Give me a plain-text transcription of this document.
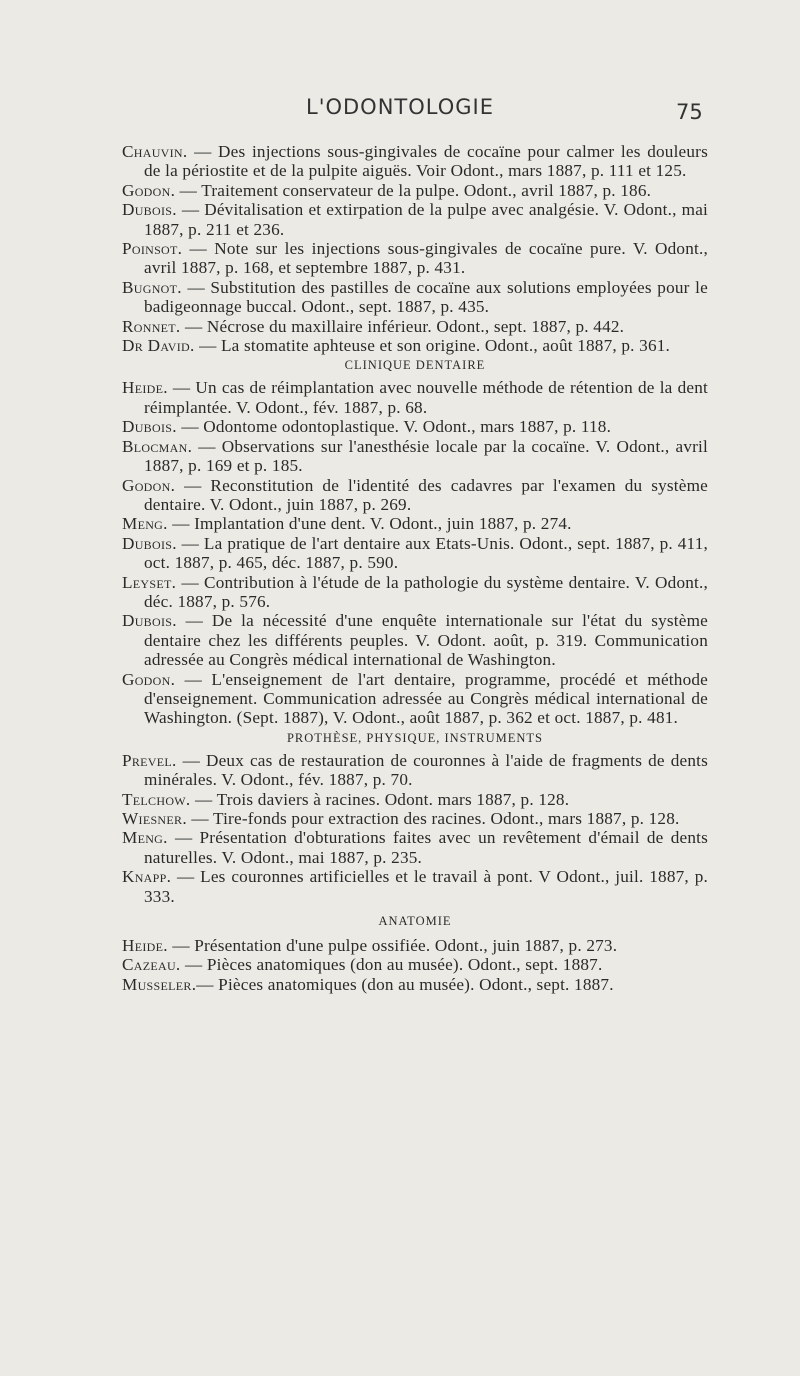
L'ODONTOLOGIE	75

Chauvin. — Des injections sous-gingivales de cocaïne pour calmer les douleurs de la périostite et de la pulpite aiguës. Voir Odont., mars 1887, p. 111 et 125.

Godon. — Traitement conservateur de la pulpe. Odont., avril 1887, p. 186.

Dubois. — Dévitalisation et extirpation de la pulpe avec analgésie. V. Odont., mai 1887, p. 211 et 236.

Poinsot. — Note sur les injections sous-gingivales de cocaïne pure. V. Odont., avril 1887, p. 168, et septembre 1887, p. 431.

Bugnot. — Substitution des pastilles de cocaïne aux solutions employées pour le badigeonnage buccal. Odont., sept. 1887, p. 435.

Ronnet. — Nécrose du maxillaire inférieur. Odont., sept. 1887, p. 442.

Dr David. — La stomatite aphteuse et son origine. Odont., août 1887, p. 361.

CLINIQUE DENTAIRE

Heide. — Un cas de réimplantation avec nouvelle méthode de rétention de la dent réimplantée. V. Odont., fév. 1887, p. 68.

Dubois. — Odontome odontoplastique. V. Odont., mars 1887, p. 118.

Blocman. — Observations sur l'anesthésie locale par la cocaïne. V. Odont., avril 1887, p. 169 et p. 185.

Godon. — Reconstitution de l'identité des cadavres par l'examen du système dentaire. V. Odont., juin 1887, p. 269.

Meng. — Implantation d'une dent. V. Odont., juin 1887, p. 274.

Dubois. — La pratique de l'art dentaire aux Etats-Unis. Odont., sept. 1887, p. 411, oct. 1887, p. 465, déc. 1887, p. 590.

Leyset. — Contribution à l'étude de la pathologie du système dentaire. V. Odont., déc. 1887, p. 576.

Dubois. — De la nécessité d'une enquête internationale sur l'état du système dentaire chez les différents peuples. V. Odont. août, p. 319. Communication adressée au Congrès médical international de Washington.

Godon. — L'enseignement de l'art dentaire, programme, procédé et méthode d'enseignement. Communication adressée au Congrès médical international de Washington. (Sept. 1887), V. Odont., août 1887, p. 362 et oct. 1887, p. 481.

PROTHÈSE, PHYSIQUE, INSTRUMENTS

Prevel. — Deux cas de restauration de couronnes à l'aide de fragments de dents minérales. V. Odont., fév. 1887, p. 70.

Telchow. — Trois daviers à racines. Odont. mars 1887, p. 128.

Wiesner. — Tire-fonds pour extraction des racines. Odont., mars 1887, p. 128.

Meng. — Présentation d'obturations faites avec un revêtement d'émail de dents naturelles. V. Odont., mai 1887, p. 235.

Knapp. — Les couronnes artificielles et le travail à pont. V Odont., juil. 1887, p. 333.

ANATOMIE

Heide. — Présentation d'une pulpe ossifiée. Odont., juin 1887, p. 273.

Cazeau. — Pièces anatomiques (don au musée). Odont., sept. 1887.

Musseler.— Pièces anatomiques (don au musée). Odont., sept. 1887.
